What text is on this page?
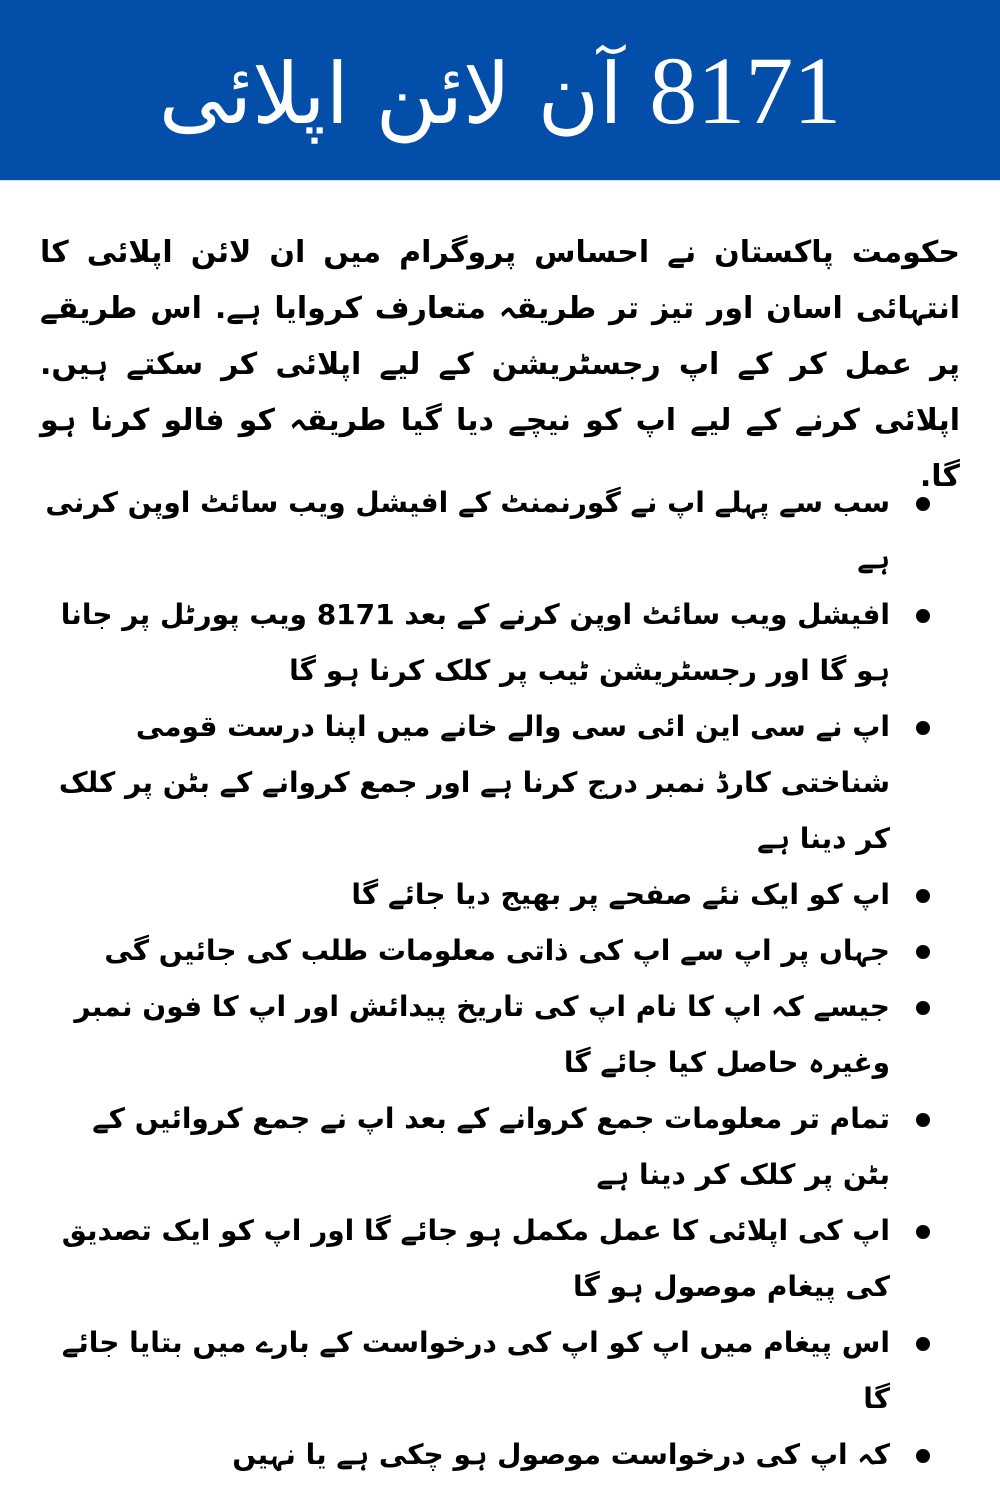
8171 آن لائن اپلائی

حکومت پاکستان نے احساس پروگرام میں ان لائن اپلائی کا انتہائی اسان اور تیز تر طریقہ متعارف کروایا ہے. اس طریقے پر عمل کر کے اپ رجسٹریشن کے لیے اپلائی کر سکتے ہیں. اپلائی کرنے کے لیے اپ کو نیچے دیا گیا طریقہ کو فالو کرنا ہو گا.

سب سے پہلے اپ نے گورنمنٹ کے افیشل ویب سائٹ اوپن کرنی ہے
افیشل ویب سائٹ اوپن کرنے کے بعد 8171 ویب پورٹل پر جانا ہو گا اور رجسٹریشن ٹیب پر کلک کرنا ہو گا
اپ نے سی این ائی سی والے خانے میں اپنا درست قومی شناختی کارڈ نمبر درج کرنا ہے اور جمع کروانے کے بٹن پر کلک کر دینا ہے
اپ کو ایک نئے صفحے پر بھیج دیا جائے گا
جہاں پر اپ سے اپ کی ذاتی معلومات طلب کی جائیں گی
جیسے کہ اپ کا نام اپ کی تاریخ پیدائش اور اپ کا فون نمبر وغیرہ حاصل کیا جائے گا
تمام تر معلومات جمع کروانے کے بعد اپ نے جمع کروائیں کے بٹن پر کلک کر دینا ہے
اپ کی اپلائی کا عمل مکمل ہو جائے گا اور اپ کو ایک تصدیق کی پیغام موصول ہو گا
اس پیغام میں اپ کو اپ کی درخواست کے بارے میں بتایا جائے گا
کہ اپ کی درخواست موصول ہو چکی ہے یا نہیں
